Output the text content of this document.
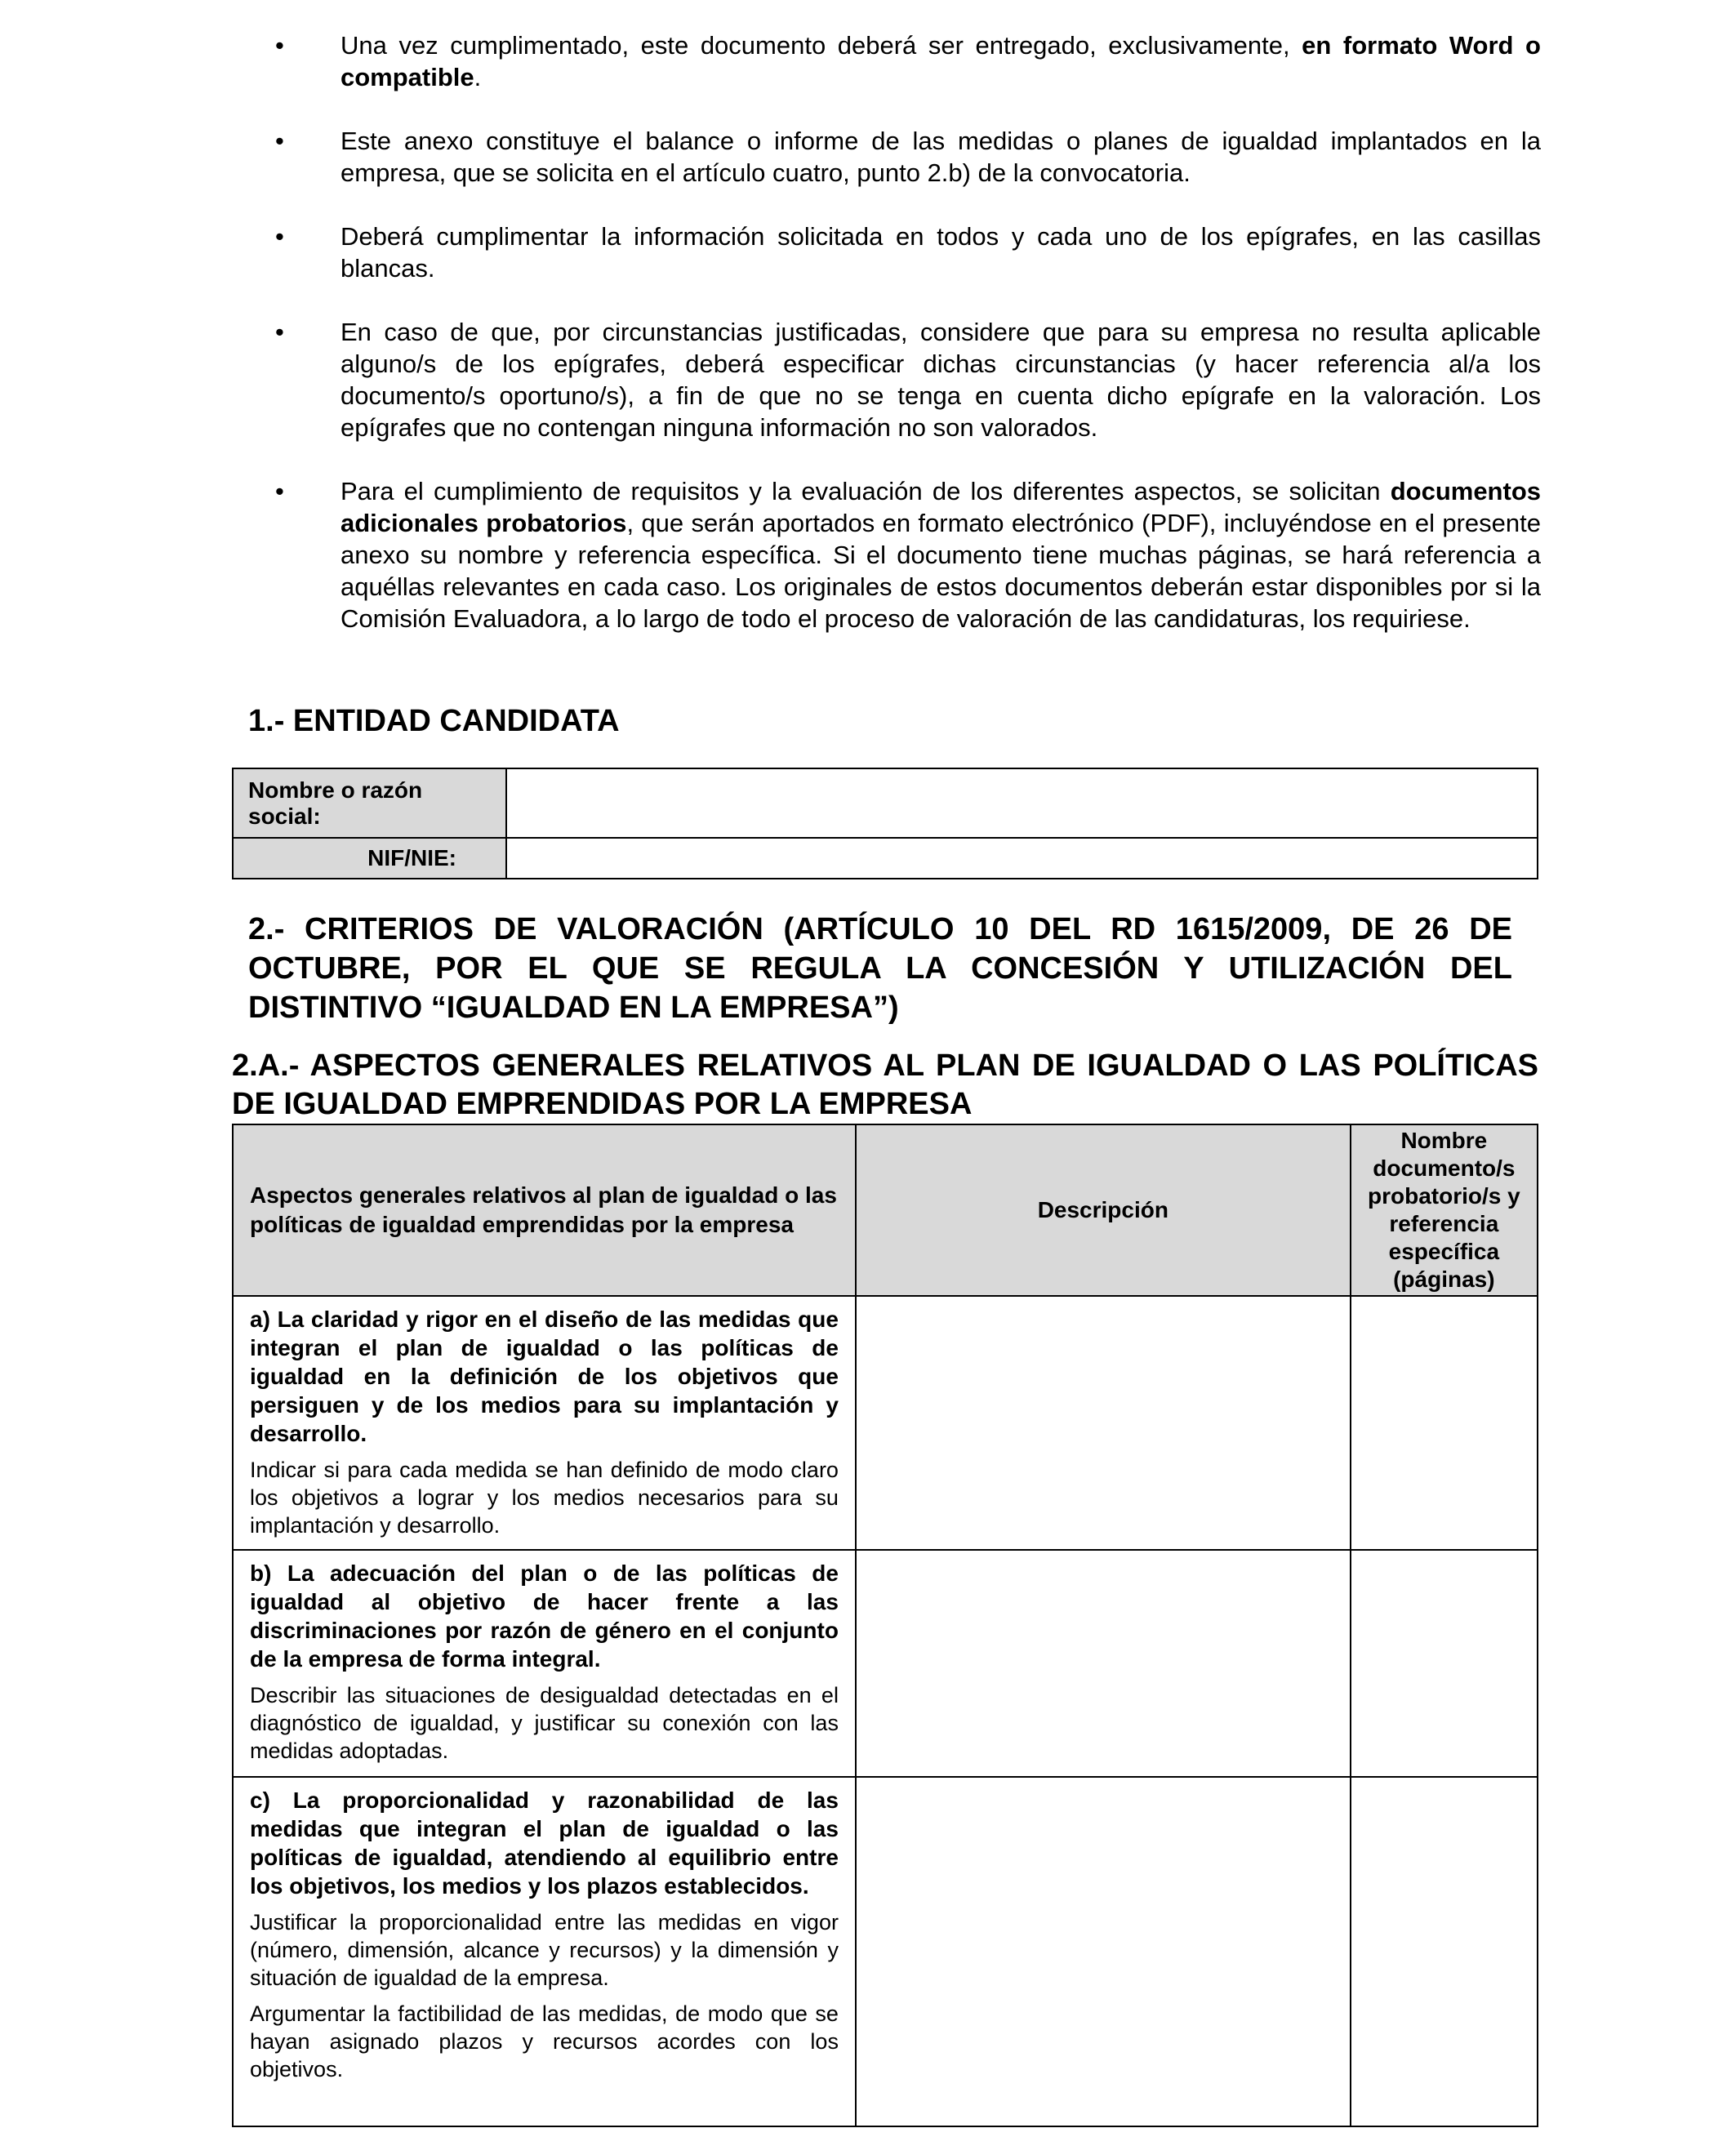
•	Una vez cumplimentado, este documento deberá ser entregado, exclusivamente, en formato Word o compatible.
•	Este anexo constituye el balance o informe de las medidas o planes de igualdad implantados en la empresa, que se solicita en el artículo cuatro, punto 2.b) de la convocatoria.
•	Deberá cumplimentar la información solicitada en todos y cada uno de los epígrafes, en las casillas blancas.
•	En caso de que, por circunstancias justificadas, considere que para su empresa no resulta aplicable alguno/s de los epígrafes, deberá especificar dichas circunstancias (y hacer referencia al/a los documento/s oportuno/s), a fin de que no se tenga en cuenta dicho epígrafe en la valoración. Los epígrafes que no contengan ninguna información no son valorados.
•	Para el cumplimiento de requisitos y la evaluación de los diferentes aspectos, se solicitan documentos adicionales probatorios, que serán aportados en formato electrónico (PDF), incluyéndose en el presente anexo su nombre y referencia específica. Si el documento tiene muchas páginas, se hará referencia a aquéllas relevantes en cada caso. Los originales de estos documentos deberán estar disponibles por si la Comisión Evaluadora, a lo largo de todo el proceso de valoración de las candidaturas, los requiriese.
1.- ENTIDAD CANDIDATA
Nombre o razón social:	
NIF/NIE:	
2.- CRITERIOS DE VALORACIÓN (ARTÍCULO 10 DEL RD 1615/2009, DE 26 DE OCTUBRE, POR EL QUE SE REGULA LA CONCESIÓN Y UTILIZACIÓN DEL DISTINTIVO “IGUALDAD EN LA EMPRESA”)
2.A.- ASPECTOS GENERALES RELATIVOS AL PLAN DE IGUALDAD O LAS POLÍTICAS DE IGUALDAD EMPRENDIDAS POR LA EMPRESA
Aspectos generales relativos al plan de igualdad o las políticas de igualdad emprendidas por la empresa	Descripción	Nombre documento/s probatorio/s y referencia específica (páginas)

a) La claridad y rigor en el diseño de las medidas que integran el plan de igualdad o las políticas de igualdad en la definición de los objetivos que persiguen y de los medios para su implantación y desarrollo.

Indicar si para cada medida se han definido de modo claro los objetivos a lograr y los medios necesarios para su implantación y desarrollo.		

b) La adecuación del plan o de las políticas de igualdad al objetivo de hacer frente a las discriminaciones por razón de género en el conjunto de la empresa de forma integral.

Describir las situaciones de desigualdad detectadas en el diagnóstico de igualdad, y justificar su conexión con las medidas adoptadas.		

c) La proporcionalidad y razonabilidad de las medidas que integran el plan de igualdad o las políticas de igualdad, atendiendo al equilibrio entre los objetivos, los medios y los plazos establecidos.

Justificar la proporcionalidad entre las medidas en vigor (número, dimensión, alcance y recursos) y la dimensión y situación de igualdad de la empresa.

Argumentar la factibilidad de las medidas, de modo que se hayan asignado plazos y recursos acordes con los objetivos.		
